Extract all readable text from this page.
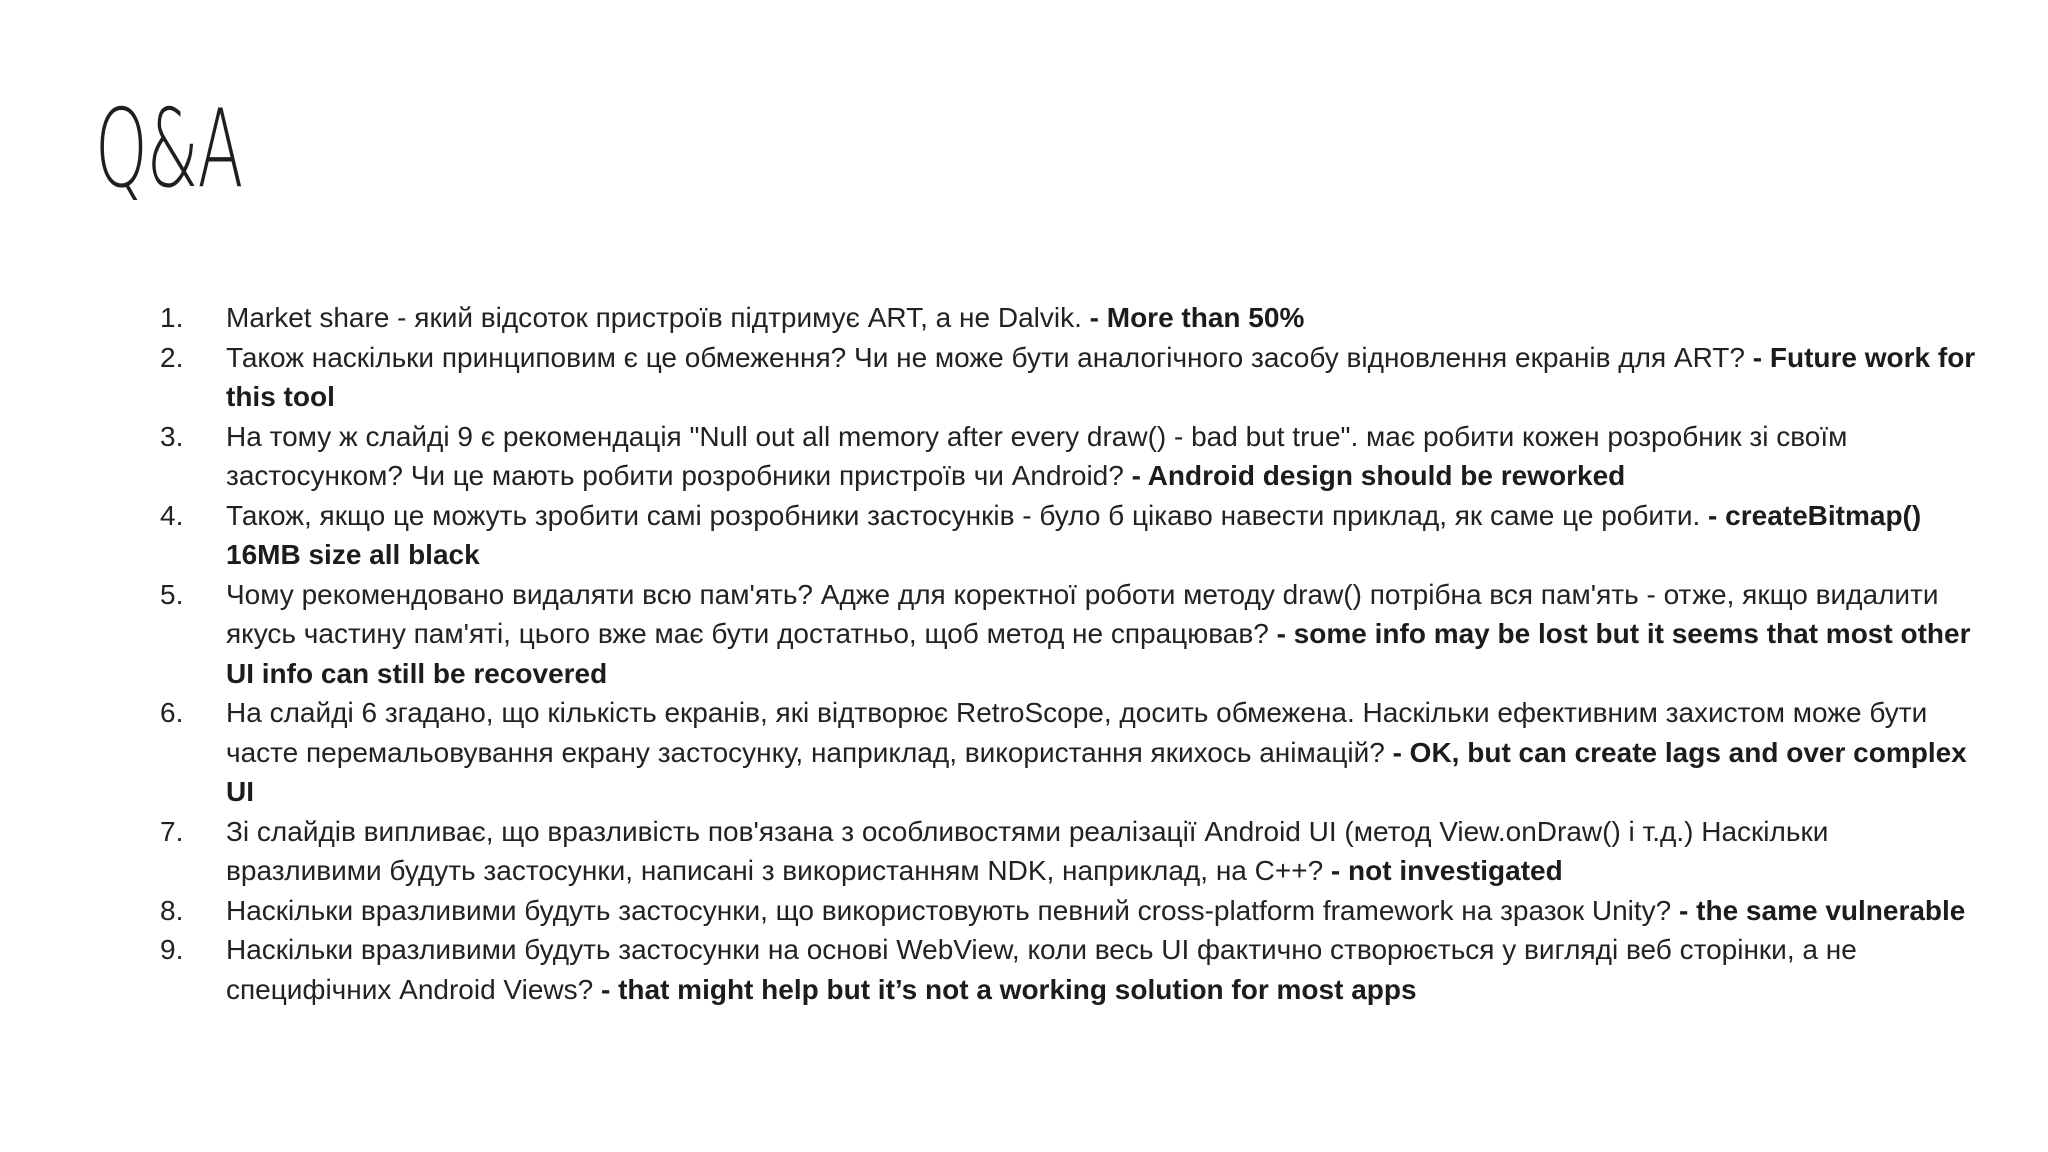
Q&A
1. Market share - який відсоток пристроїв підтримує ART, а не Dalvik. - More than 50%
2. Також наскільки принциповим є це обмеження? Чи не може бути аналогічного засобу відновлення екранів для ART? - Future work for this tool
3. На тому ж слайді 9 є рекомендація "Null out all memory after every draw() - bad but true". має робити кожен розробник зі своїм застосунком? Чи це мають робити розробники пристроїв чи Android? - Android design should be reworked
4. Також, якщо це можуть зробити самі розробники застосунків - було б цікаво навести приклад, як саме це робити. - createBitmap() 16MB size all black
5. Чому рекомендовано видаляти всю пам'ять? Адже для коректної роботи методу draw() потрібна вся пам'ять - отже, якщо видалити якусь частину пам'яті, цього вже має бути достатньо, щоб метод не спрацював? - some info may be lost but it seems that most other UI info can still be recovered
6. На слайді 6 згадано, що кількість екранів, які відтворює RetroScope, досить обмежена. Наскільки ефективним захистом може бути часте перемальовування екрану застосунку, наприклад, використання якихось анімацій? - OK, but can create lags and over complex UI
7. Зі слайдів випливає, що вразливість пов'язана з особливостями реалізації Android UI (метод View.onDraw() і т.д.) Наскільки вразливими будуть застосунки, написані з використанням NDK, наприклад, на C++? - not investigated
8. Наскільки вразливими будуть застосунки, що використовують певний cross-platform framework на зразок Unity? - the same vulnerable
9. Наскільки вразливими будуть застосунки на основі WebView, коли весь UI фактично створюється у вигляді веб сторінки, а не специфічних Android Views? - that might help but it’s not a working solution for most apps
